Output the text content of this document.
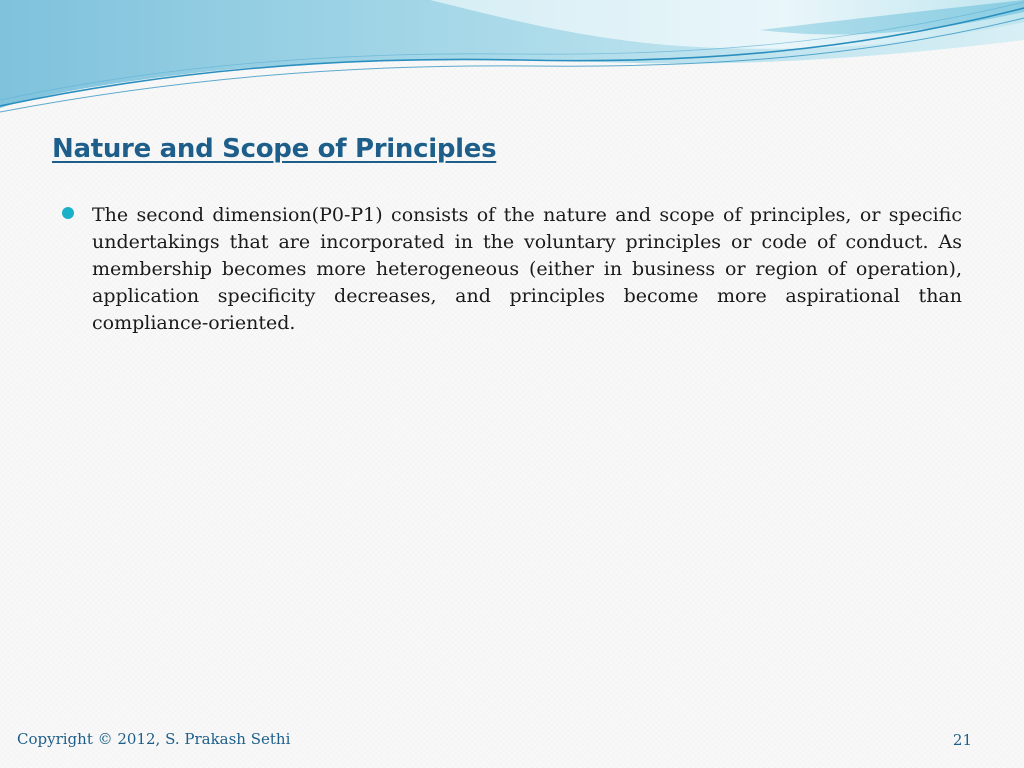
Nature and Scope of Principles
The second dimension(P0-P1) consists of the nature and scope of principles, or specific undertakings that are incorporated in the voluntary principles or code of conduct. As membership becomes more heterogeneous (either in business or region of operation), application specificity decreases, and principles become more aspirational than compliance-oriented.
Copyright © 2012, S. Prakash Sethi	21
